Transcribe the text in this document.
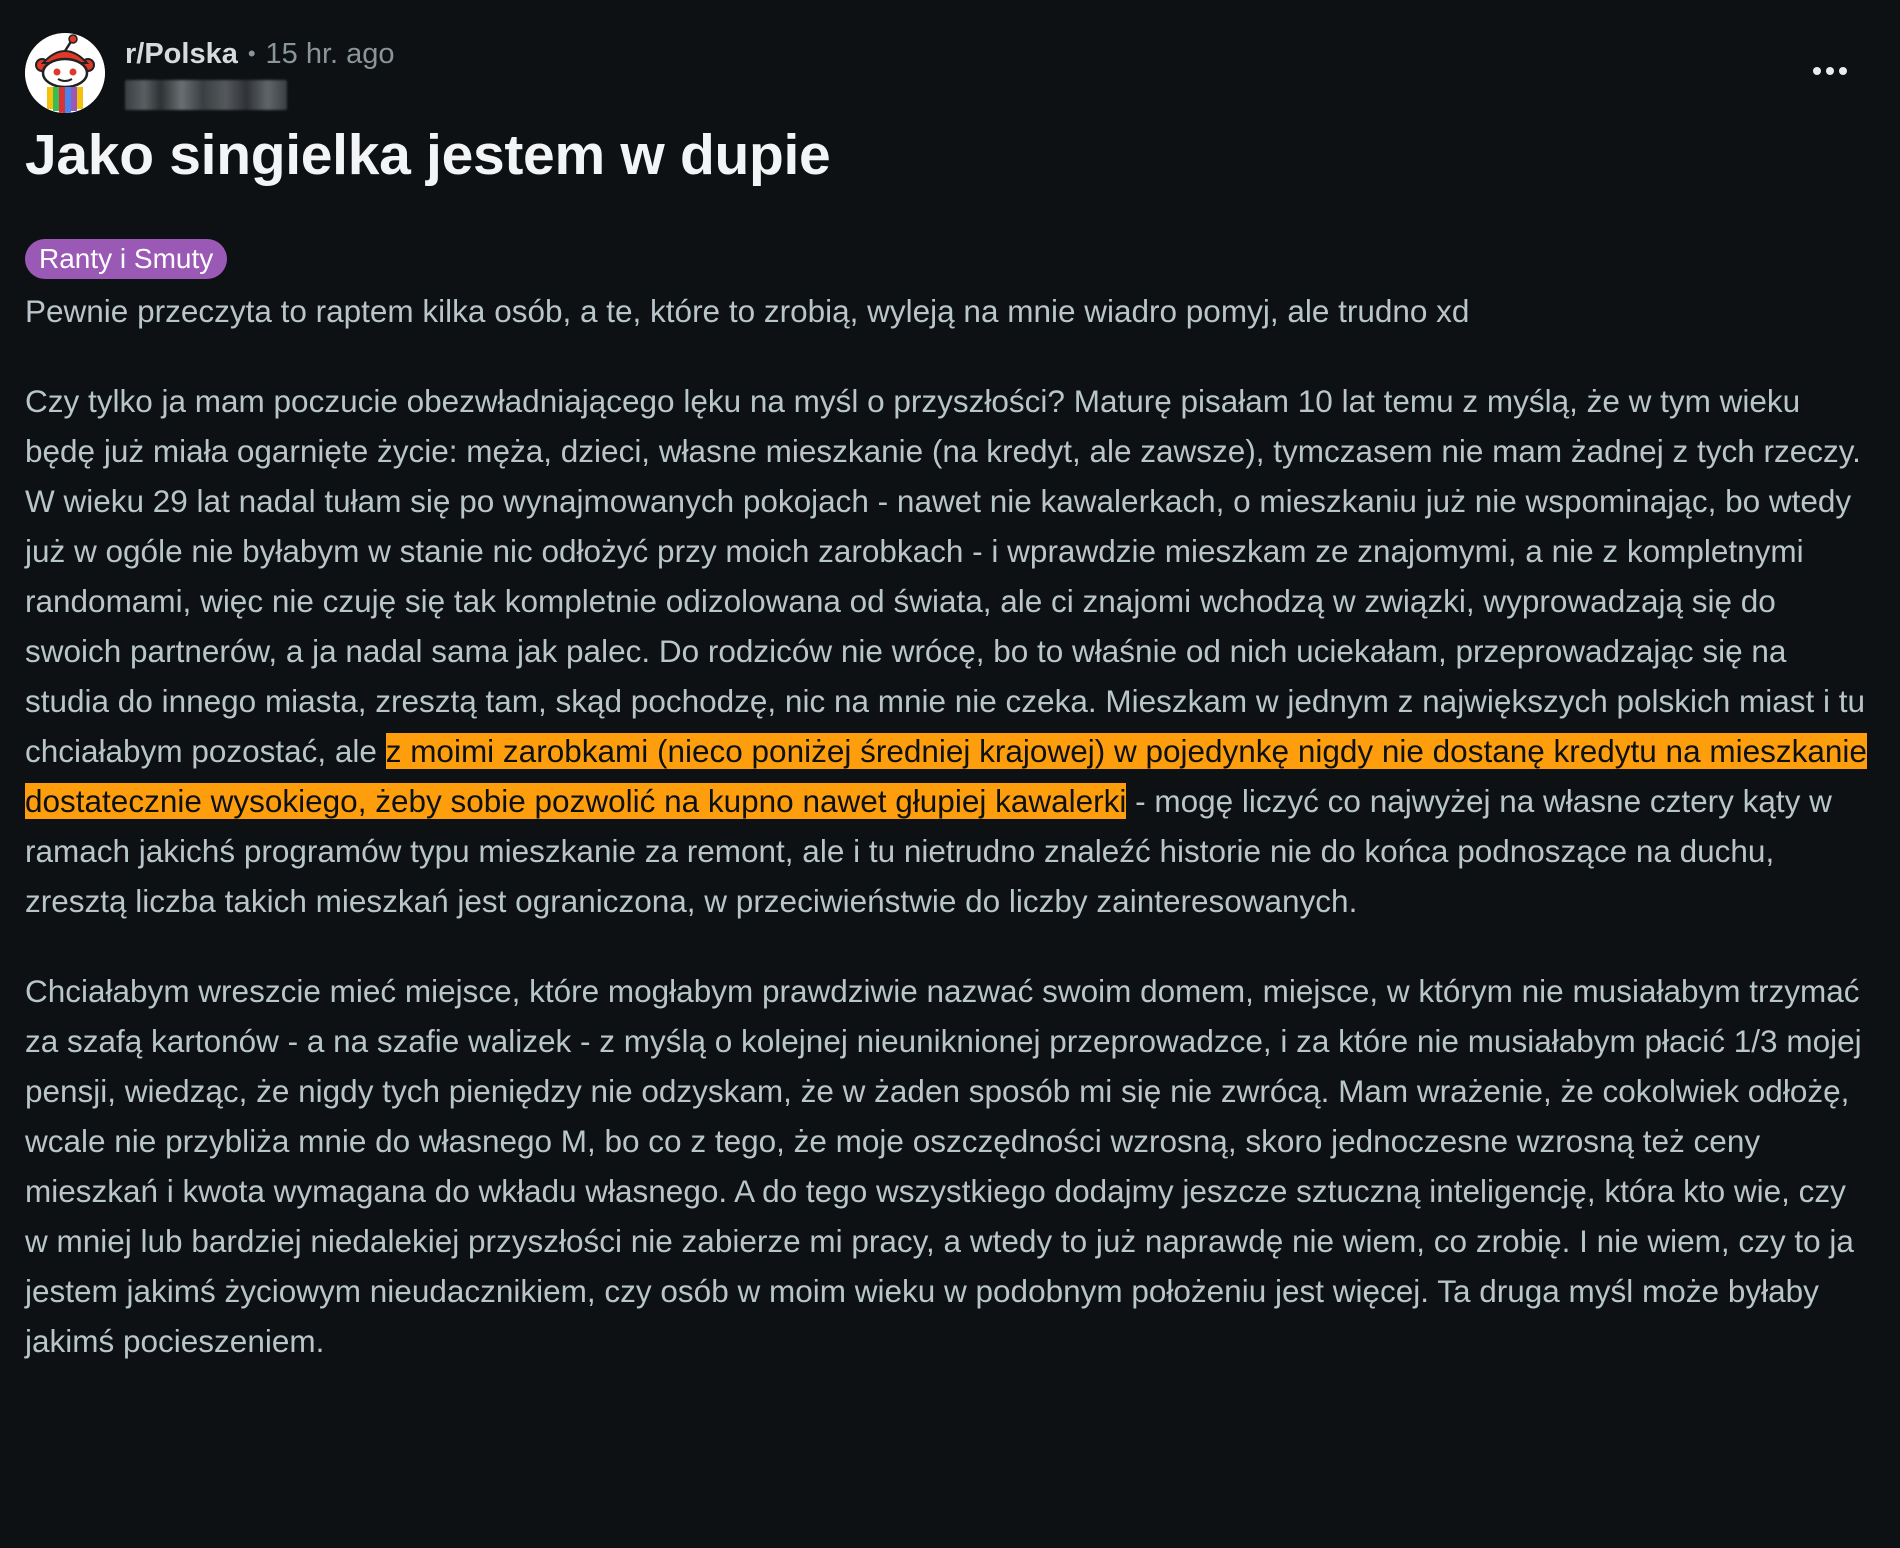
r/Polska • 15 hr. ago
Jako singielka jestem w dupie
Ranty i Smuty

Pewnie przeczyta to raptem kilka osób, a te, które to zrobią, wyleją na mnie wiadro pomyj, ale trudno xd

Czy tylko ja mam poczucie obezwładniającego lęku na myśl o przyszłości? Maturę pisałam 10 lat temu z myślą, że w tym wieku będę już miała ogarnięte życie: męża, dzieci, własne mieszkanie (na kredyt, ale zawsze), tymczasem nie mam żadnej z tych rzeczy. W wieku 29 lat nadal tułam się po wynajmowanych pokojach - nawet nie kawalerkach, o mieszkaniu już nie wspominając, bo wtedy już w ogóle nie byłabym w stanie nic odłożyć przy moich zarobkach - i wprawdzie mieszkam ze znajomymi, a nie z kompletnymi randomami, więc nie czuję się tak kompletnie odizolowana od świata, ale ci znajomi wchodzą w związki, wyprowadzają się do swoich partnerów, a ja nadal sama jak palec. Do rodziców nie wrócę, bo to właśnie od nich uciekałam, przeprowadzając się na studia do innego miasta, zresztą tam, skąd pochodzę, nic na mnie nie czeka. Mieszkam w jednym z największych polskich miast i tu chciałabym pozostać, ale z moimi zarobkami (nieco poniżej średniej krajowej) w pojedynkę nigdy nie dostanę kredytu na mieszkanie dostatecznie wysokiego, żeby sobie pozwolić na kupno nawet głupiej kawalerki - mogę liczyć co najwyżej na własne cztery kąty w ramach jakichś programów typu mieszkanie za remont, ale i tu nietrudno znaleźć historie nie do końca podnoszące na duchu, zresztą liczba takich mieszkań jest ograniczona, w przeciwieństwie do liczby zainteresowanych.

Chciałabym wreszcie mieć miejsce, które mogłabym prawdziwie nazwać swoim domem, miejsce, w którym nie musiałabym trzymać za szafą kartonów - a na szafie walizek - z myślą o kolejnej nieuniknionej przeprowadzce, i za które nie musiałabym płacić 1/3 mojej pensji, wiedząc, że nigdy tych pieniędzy nie odzyskam, że w żaden sposób mi się nie zwrócą. Mam wrażenie, że cokolwiek odłożę, wcale nie przybliża mnie do własnego M, bo co z tego, że moje oszczędności wzrosną, skoro jednoczesne wzrosną też ceny mieszkań i kwota wymagana do wkładu własnego. A do tego wszystkiego dodajmy jeszcze sztuczną inteligencję, która kto wie, czy w mniej lub bardziej niedalekiej przyszłości nie zabierze mi pracy, a wtedy to już naprawdę nie wiem, co zrobię. I nie wiem, czy to ja jestem jakimś życiowym nieudacznikiem, czy osób w moim wieku w podobnym położeniu jest więcej. Ta druga myśl może byłaby jakimś pocieszeniem.
